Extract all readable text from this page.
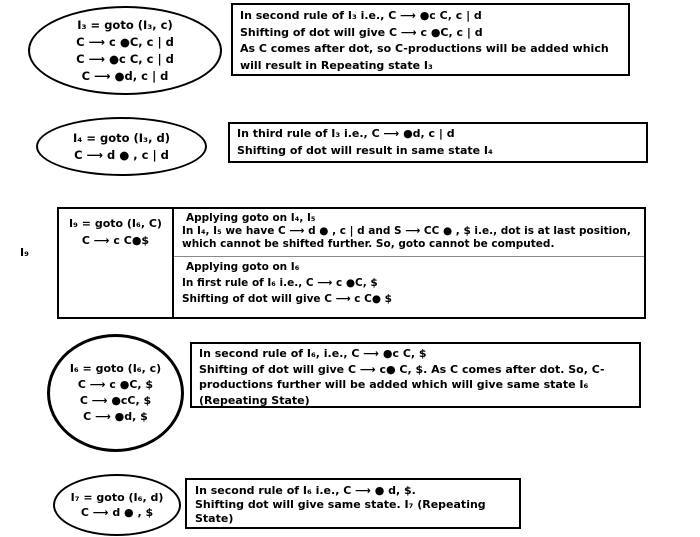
I₃ = goto (I₃, c)
C ⟶ c ●C, c | d
C ⟶ ●c C, c | d
C ⟶ ●d, c | d
In second rule of I₃ i.e., C ⟶ ●c C, c | d
Shifting of dot will give C ⟶ c ●C, c | d
As C comes after dot, so C-productions will be added which will result in Repeating state I₃
I₄ = goto (I₃, d)
C ⟶ d ● , c | d
In third rule of I₃ i.e., C ⟶ ●d, c | d
Shifting of dot will result in same state I₄
I₉
I₉ = goto (I₆, C)
C ⟶ c C●$

Applying goto on I₄, I₅

In I₄, I₅ we have C ⟶ d ● , c | d and S ⟶ CC ● , $ i.e., dot is at last position, which cannot be shifted further. So, goto cannot be computed.

Applying goto on I₆

In first rule of I₆ i.e., C ⟶ c ●C, $

Shifting of dot will give C ⟶ c C● $

I₆ = goto (I₆, c)
C ⟶ c ●C, $
C ⟶ ●cC, $
C ⟶ ●d, $
In second rule of I₆, i.e., C ⟶ ●c C, $
Shifting of dot will give C ⟶ c● C, $. As C comes after dot. So, C-productions further will be added which will give same state I₆
(Repeating State)
I₇ = goto (I₆, d)
C ⟶ d ● , $
In second rule of I₆ i.e., C ⟶ ● d, $.
Shifting dot will give same state. I₇ (Repeating State)
